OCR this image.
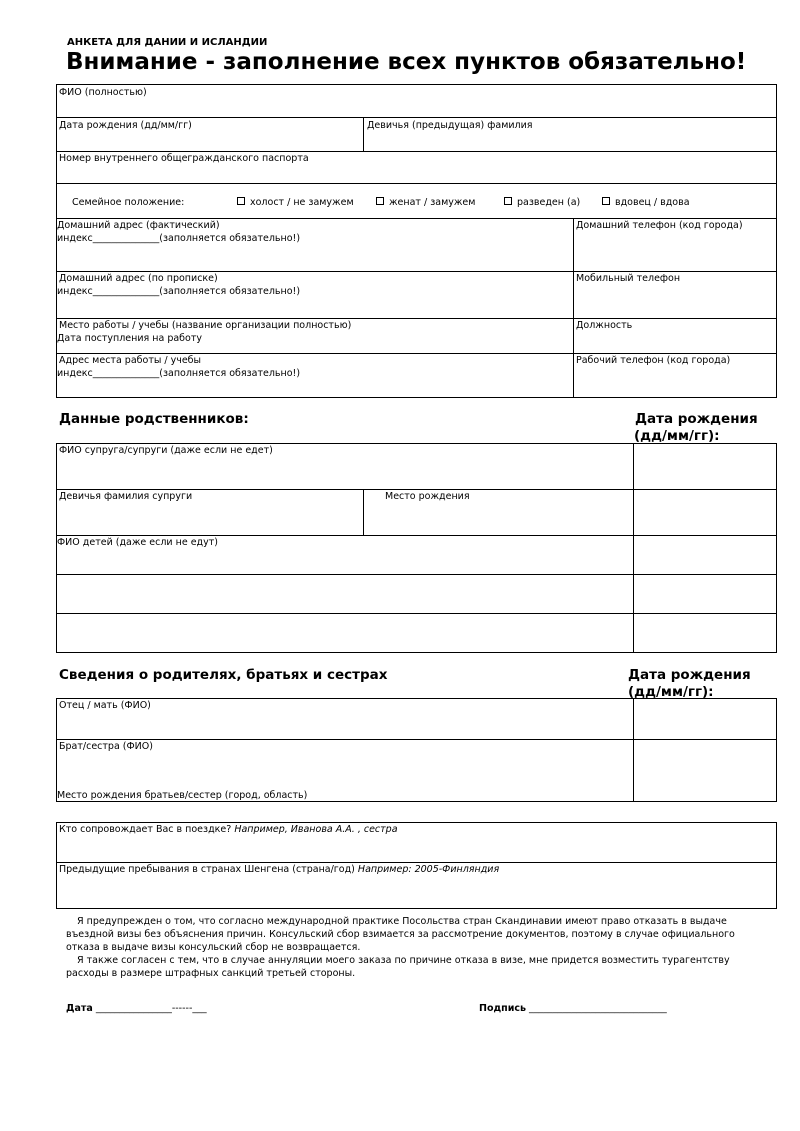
АНКЕТА ДЛЯ ДАНИИ И ИСЛАНДИИ
Внимание - заполнение всех пунктов обязательно!
ФИО (полностью)
Дата рождения (дд/мм/гг)	Девичья (предыдущая) фамилия
Номер внутреннего общегражданского паспорта
Семейное положение:	холост / не замужем	женат / замужем	разведен (а)	вдовец / вдова
Домашний адрес (фактический)
индекс______________(заполняется обязательно!)
Домашний телефон (код города)
Домашний адрес (по прописке)
индекс______________(заполняется обязательно!)
Мобильный телефон
Место работы / учебы (название организации полностью)
Дата поступления на работу
Должность
Адрес места работы / учебы
индекс______________(заполняется обязательно!)
Рабочий телефон (код города)
Данные родственников:	Дата рождения
(дд/мм/гг):
ФИО супруга/супруги (даже если не едет)
Девичья фамилия супруги	Место рождения
ФИО детей (даже если не едут)
Сведения о родителях, братьях и сестрах	Дата рождения
(дд/мм/гг):
Отец / мать (ФИО)
Брат/сестра (ФИО)
Место рождения братьев/сестер (город, область)
Кто сопровождает Вас в поездке? Например, Иванова А.А. , сестра
Предыдущие пребывания в странах Шенгена (страна/год) Например: 2005-Финляндия
Я предупрежден о том, что согласно международной практике Посольства стран Скандинавии имеют право отказать в выдаче
въездной визы без объяснения причин. Консульский сбор взимается за рассмотрение документов, поэтому в случае официального
отказа в выдаче визы консульский сбор не возвращается.
Я также согласен с тем, что в случае аннуляции моего заказа по причине отказа в визе, мне придется возместить турагентству
расходы в размере штрафных санкций третьей стороны.
Дата ________________------___	Подпись _____________________________
